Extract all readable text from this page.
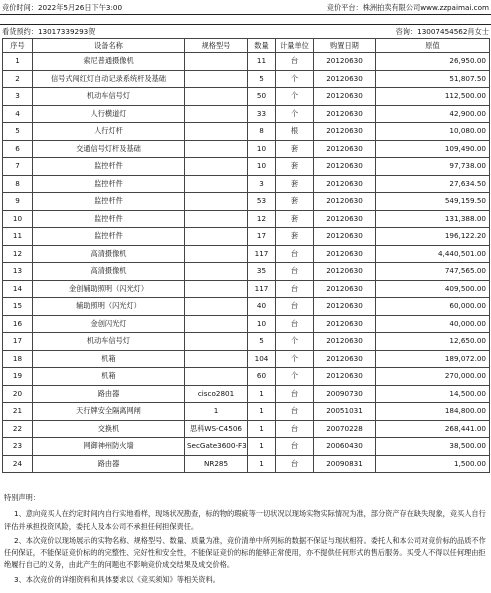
竞价时间：2022年5月26日下午3:00	竞价平台：株洲拍卖有限公司www.zzpaimai.com
看货预约：13017339293贺	咨询：13007454562肖女士
序号	设备名称	规格型号	数量	计量单位	购置日期	原值
1	索尼普通摄像机		11	台	20120630	26,950.00
2	信号式闯红灯自动记录系统杆及基础		5	个	20120630	51,807.50
3	机动车信号灯		50	个	20120630	112,500.00
4	人行横道灯		33	个	20120630	42,900.00
5	人行灯杆		8	根	20120630	10,080.00
6	交通信号灯杆及基础		10	套	20120630	109,490.00
7	监控杆件		10	套	20120630	97,738.00
8	监控杆件		3	套	20120630	27,634.50
9	监控杆件		53	套	20120630	549,159.50
10	监控杆件		12	套	20120630	131,388.00
11	监控杆件		17	套	20120630	196,122.20
12	高清摄像机		117	台	20120630	4,440,501.00
13	高清摄像机		35	台	20120630	747,565.00
14	金创辅助照明（闪光灯）		117	台	20120630	409,500.00
15	辅助照明（闪光灯）		40	台	20120630	60,000.00
16	金创闪光灯		10	台	20120630	40,000.00
17	机动车信号灯		5	个	20120630	12,650.00
18	机箱		104	个	20120630	189,072.00
19	机箱		60	个	20120630	270,000.00
20	路由器	cisco2801	1	台	20090730	14,500.00
21	天行牌安全隔离网闸	1	1	台	20051031	184,800.00
22	交换机	思科WS-C4506	1	台	20070228	268,441.00
23	网御神州防火墙	SecGate3600-F3	1	台	20060430	38,500.00
24	路由器	NR285	1	台	20090831	1,500.00
特别声明：

1、意向竞买人在约定时间内自行实地看样，现场状况勘查，标的物的瑕疵等一切状况以现场实物实际情况为准，部分资产存在缺失现象，竞买人自行评估并承担投资风险，委托人及本公司不承担任何担保责任。

2、本次竞价以现场展示的实物名称、规格型号、数量、质量为准，竞价清单中所列标的数据不保证与现状相符。委托人和本公司对竞价标的品质不作任何保证，不能保证竞价标的的完整性、完好性和安全性，不能保证竞价的标的能够正常使用，亦不提供任何形式的售后服务。买受人不得以任何理由拒绝履行自己的义务，由此产生的问题也不影响竞价成交结果及成交价格。

3、本次竞价的详细资料和具体要求以《竞买须知》等相关资料。
